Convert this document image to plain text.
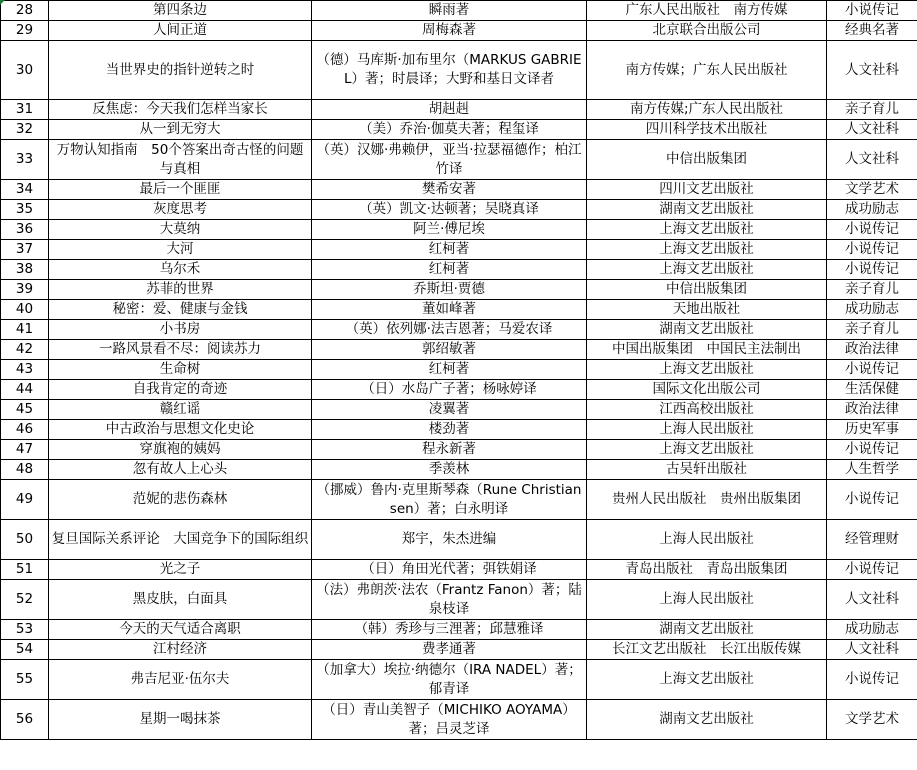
28	第四条边	瞬雨著	广东人民出版社　南方传媒	小说传记
29	人间正道	周梅森著	北京联合出版公司	经典名著
30	当世界史的指针逆转之时	（德）马库斯·加布里尔（MARKUS GABRIEL）著；时晨译；大野和基日文译者	南方传媒；广东人民出版社	人文社科
31	反焦虑：今天我们怎样当家长	胡赳赳	南方传媒;广东人民出版社	亲子育儿
32	从一到无穷大	（美）乔治·伽莫夫著；程玺译	四川科学技术出版社	人文社科
33	万物认知指南　50个答案出奇古怪的问题与真相	（英）汉娜·弗赖伊，亚当·拉瑟福德作；柏江竹译	中信出版集团	人文社科
34	最后一个匪匪	樊希安著	四川文艺出版社	文学艺术
35	灰度思考	（英）凯文·达顿著；吴晓真译	湖南文艺出版社	成功励志
36	大莫纳	阿兰·傅尼埃	上海文艺出版社	小说传记
37	大河	红柯著	上海文艺出版社	小说传记
38	乌尔禾	红柯著	上海文艺出版社	小说传记
39	苏菲的世界	乔斯坦·贾德	中信出版集团	亲子育儿
40	秘密：爱、健康与金钱	董如峰著	天地出版社	成功励志
41	小书房	（英）依列娜·法吉恩著；马爱农译	湖南文艺出版社	亲子育儿
42	一路风景看不尽：阅读苏力	郭绍敏著	中国出版集团　中国民主法制出	政治法律
43	生命树	红柯著	上海文艺出版社	小说传记
44	自我肯定的奇迹	（日）水岛广子著；杨咏婷译	国际文化出版公司	生活保健
45	赣红谣	凌翼著	江西高校出版社	政治法律
46	中古政治与思想文化史论	楼劲著	上海人民出版社	历史军事
47	穿旗袍的姨妈	程永新著	上海文艺出版社	小说传记
48	忽有故人上心头	季羡林	古吴轩出版社	人生哲学
49	范妮的悲伤森林	（挪威）鲁内·克里斯琴森（Rune Christiansen）著；白永明译	贵州人民出版社　贵州出版集团	小说传记
50	复旦国际关系评论　大国竞争下的国际组织	郑宇，朱杰进编	上海人民出版社	经管理财
51	光之子	（日）角田光代著；弭铁娟译	青岛出版社　青岛出版集团	小说传记
52	黑皮肤，白面具	（法）弗朗茨·法农（Frantz Fanon）著；陆泉枝译	上海人民出版社	人文社科
53	今天的天气适合离职	（韩）秀珍与三浬著；邱慧雅译	湖南文艺出版社	成功励志
54	江村经济	费孝通著	长江文艺出版社　长江出版传媒	人文社科
55	弗吉尼亚·伍尔夫	（加拿大）埃拉·纳德尔（IRA NADEL）著；郁青译	上海文艺出版社	小说传记
56	星期一喝抹茶	（日）青山美智子（MICHIKO AOYAMA）著；吕灵芝译	湖南文艺出版社	文学艺术
